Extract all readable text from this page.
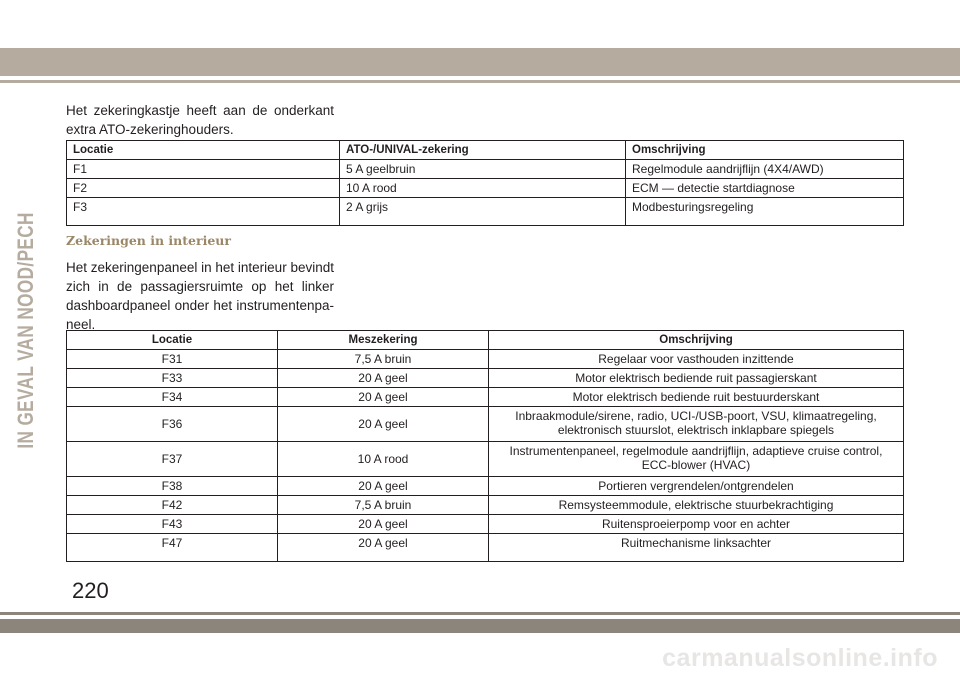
IN GEVAL VAN NOOD/PECH
Het zekeringkastje heeft aan de onderkant extra ATO-zekeringhouders.
Locatie	ATO-/UNIVAL-zekering	Omschrijving
F1	5 A geelbruin	Regelmodule aandrijflijn (4X4/AWD)
F2	10 A rood	ECM — detectie startdiagnose
F3	2 A grijs	Modbesturingsregeling
Zekeringen in interieur
Het zekeringenpaneel in het interieur bevindt zich in de passagiersruimte op het linker dashboardpaneel onder het instrumentenpa-neel.
Locatie	Meszekering	Omschrijving
F31	7,5 A bruin	Regelaar voor vasthouden inzittende
F33	20 A geel	Motor elektrisch bediende ruit passagierskant
F34	20 A geel	Motor elektrisch bediende ruit bestuurderskant
F36	20 A geel	Inbraakmodule/sirene, radio, UCI-/USB-poort, VSU, klimaatregeling,
elektronisch stuurslot, elektrisch inklapbare spiegels
F37	10 A rood	Instrumentenpaneel, regelmodule aandrijflijn, adaptieve cruise control,
ECC-blower (HVAC)
F38	20 A geel	Portieren vergrendelen/ontgrendelen
F42	7,5 A bruin	Remsysteemmodule, elektrische stuurbekrachtiging
F43	20 A geel	Ruitensproeierpomp voor en achter
F47	20 A geel	Ruitmechanisme linksachter
220
carmanualsonline.info
